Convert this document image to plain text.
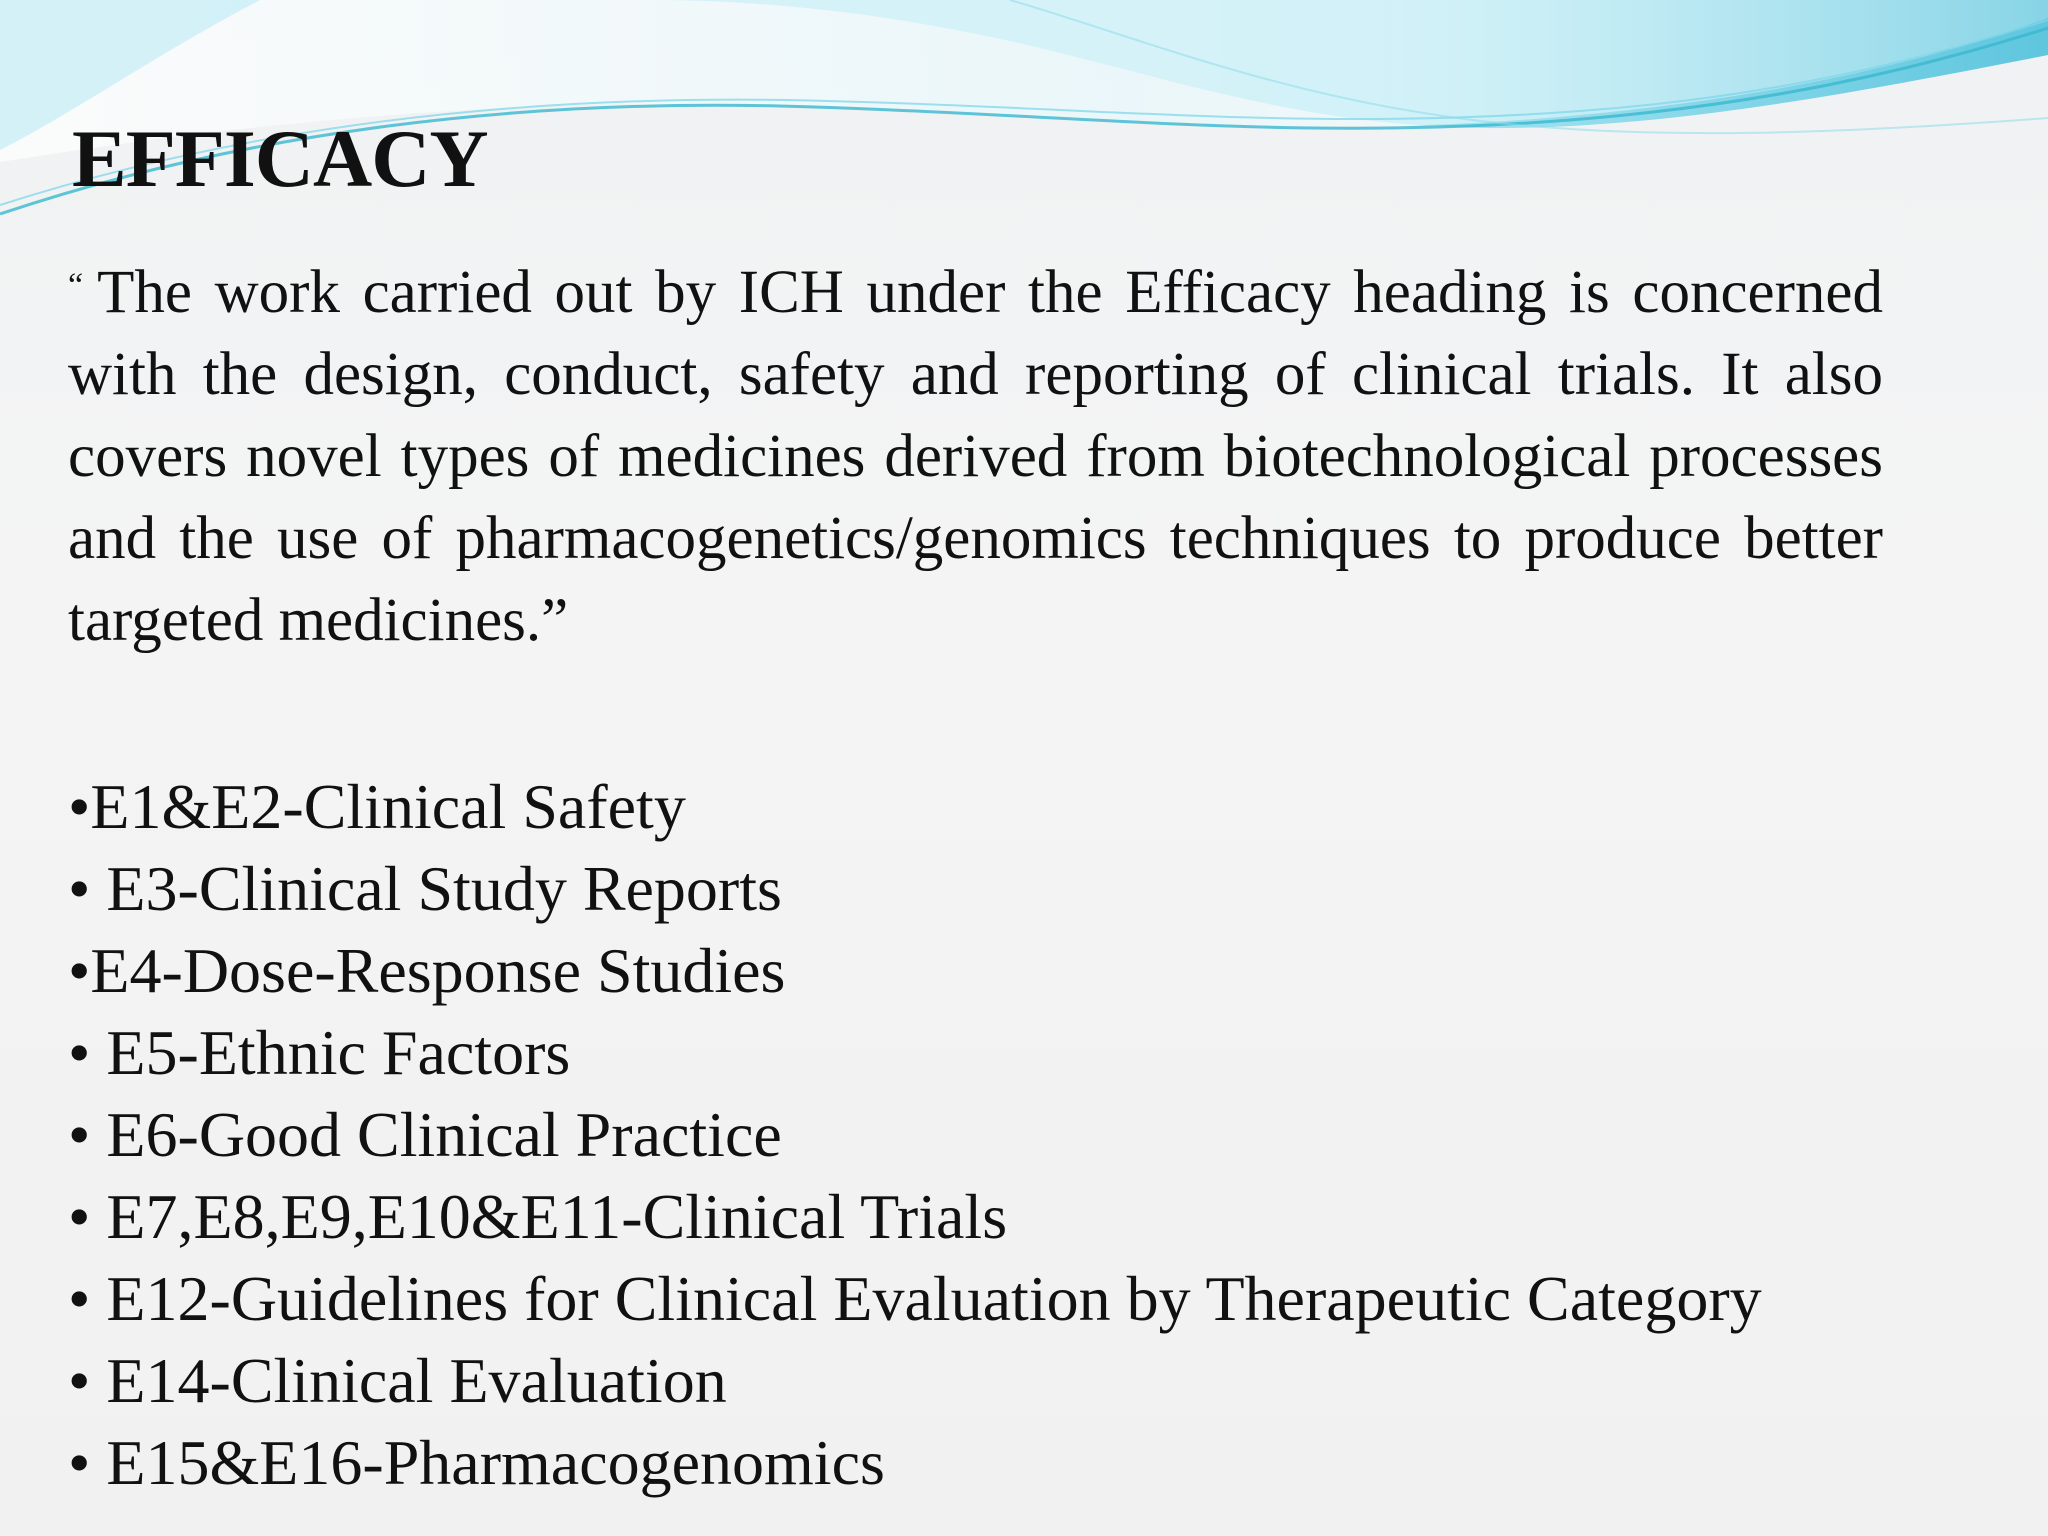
EFFICACY

“ The work carried out by ICH under the Efficacy heading is concerned with the design, conduct, safety and reporting of clinical trials. It also covers novel types of medicines derived from biotechnological processes and the use of pharmacogenetics/genomics techniques to produce better targeted medicines.”

•E1&E2-Clinical Safety
• E3-Clinical Study Reports
•E4-Dose-Response Studies
• E5-Ethnic Factors
• E6-Good Clinical Practice
• E7,E8,E9,E10&E11-Clinical Trials
• E12-Guidelines for Clinical Evaluation by Therapeutic Category
• E14-Clinical Evaluation
• E15&E16-Pharmacogenomics
